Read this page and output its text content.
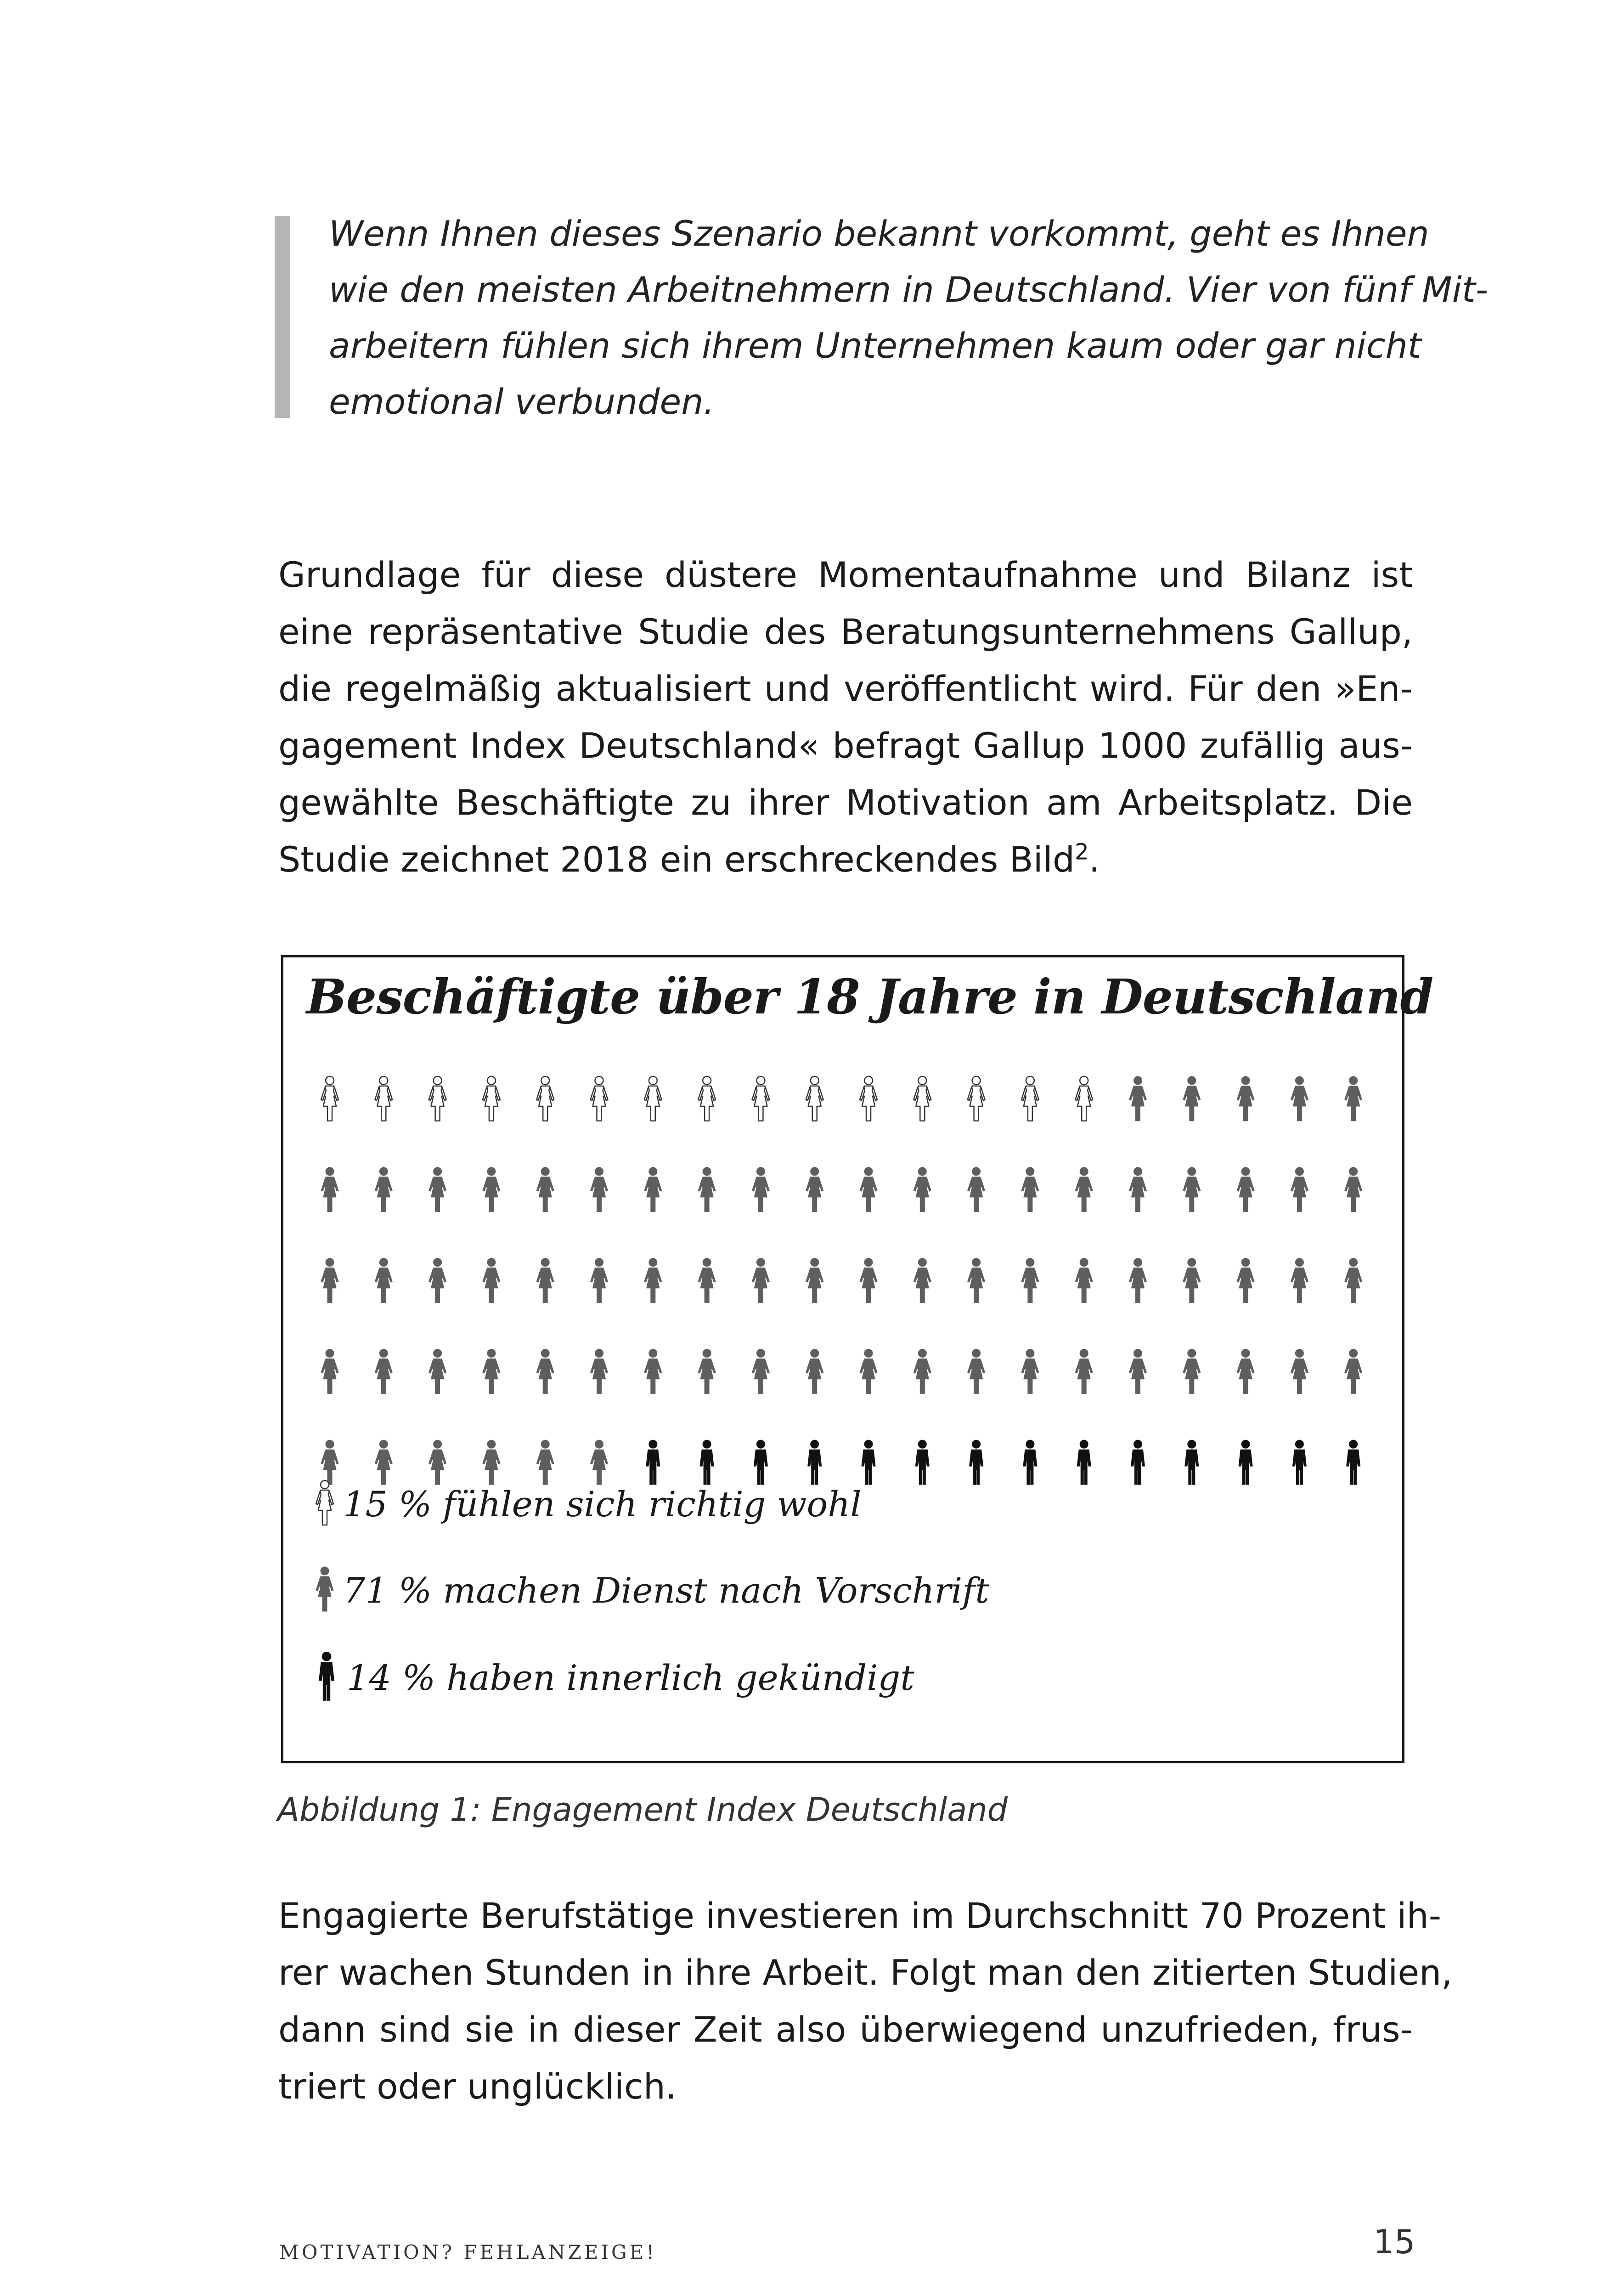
Wenn Ihnen dieses Szenario bekannt vorkommt, geht es Ihnen
wie den meisten Arbeitnehmern in Deutschland. Vier von fünf Mit-
arbeitern fühlen sich ihrem Unternehmen kaum oder gar nicht
emotional verbunden.

Grundlage für diese düstere Momentaufnahme und Bilanz ist
eine repräsentative Studie des Beratungsunternehmens Gallup,
die regelmäßig aktualisiert und veröffentlicht wird. Für den »En-
gagement Index Deutschland« befragt Gallup 1000 zufällig aus-
gewählte Beschäftigte zu ihrer Motivation am Arbeitsplatz. Die
Studie zeichnet 2018 ein erschreckendes Bild$^2$.

Beschäftigte über 18 Jahre in Deutschland
15 % fühlen sich richtig wohl
71 % machen Dienst nach Vorschrift
14 % haben innerlich gekündigt
Abbildung 1: Engagement Index Deutschland

Engagierte Berufstätige investieren im Durchschnitt 70 Prozent ih-
rer wachen Stunden in ihre Arbeit. Folgt man den zitierten Studien,
dann sind sie in dieser Zeit also überwiegend unzufrieden, frus-
triert oder unglücklich.

MOTIVATION? FEHLANZEIGE!	15
